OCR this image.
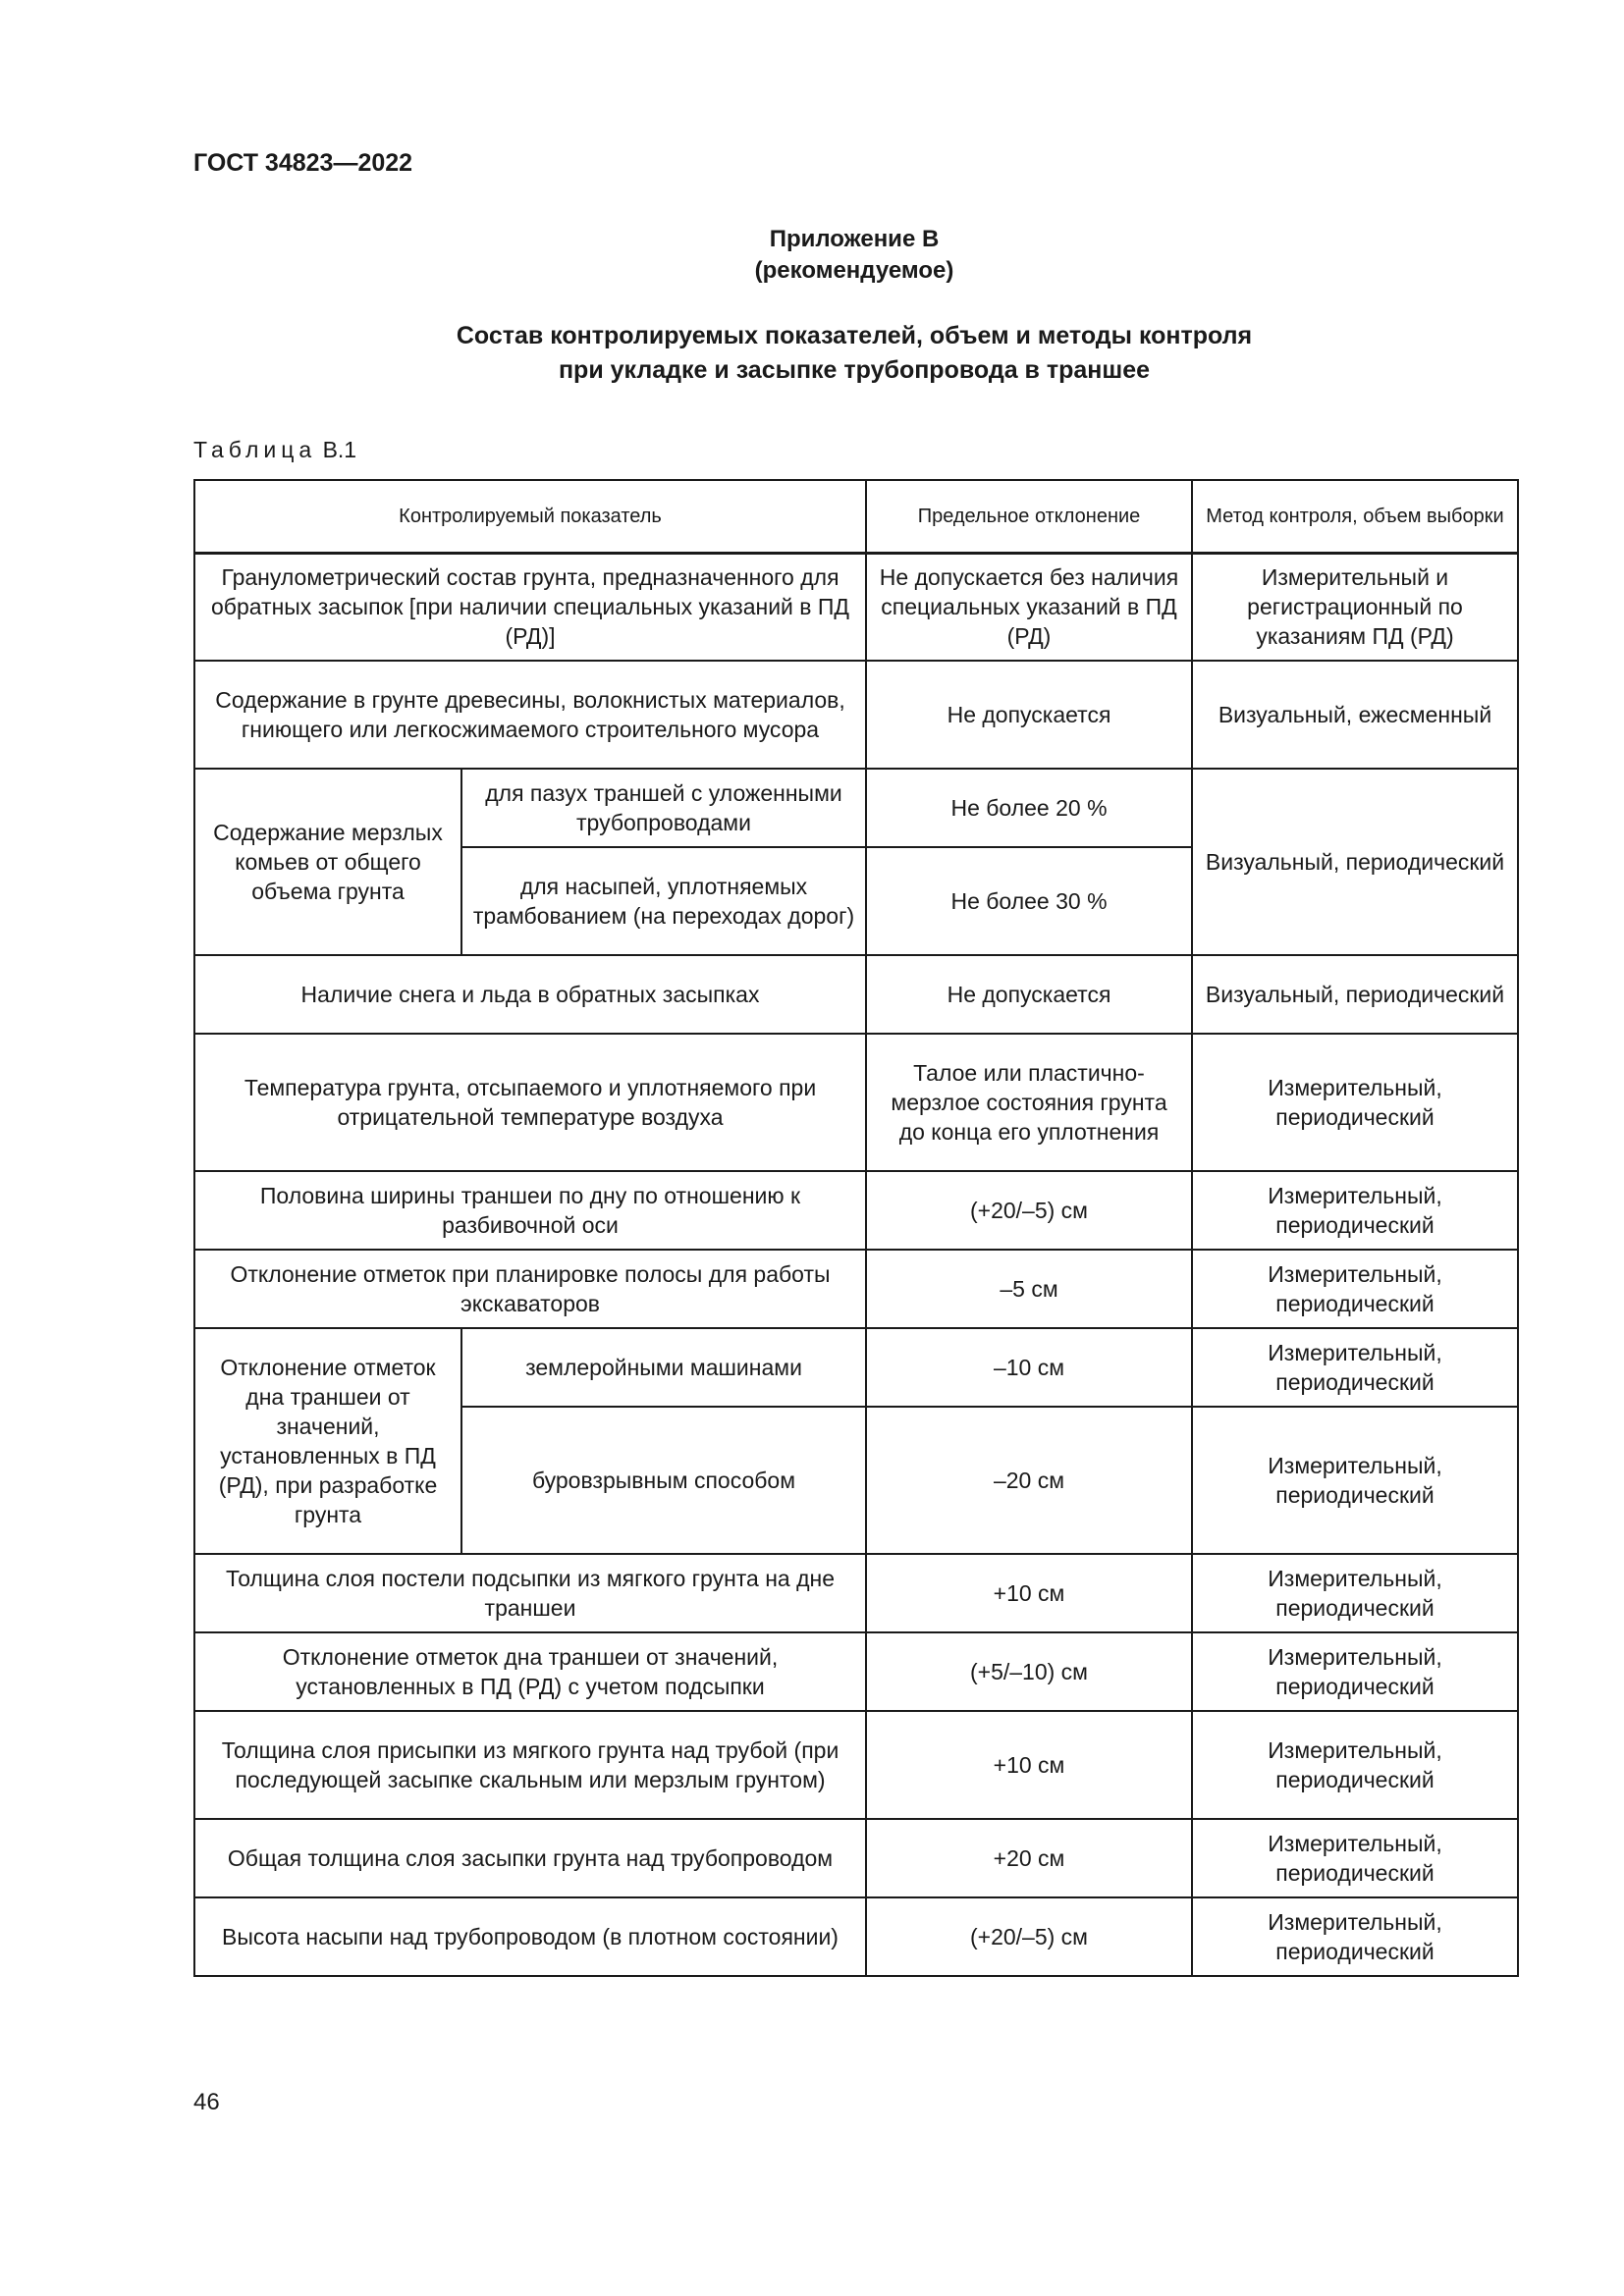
ГОСТ 34823—2022
Приложение В
(рекомендуемое)
Состав контролируемых показателей, объем и методы контроля
при укладке и засыпке трубопровода в траншее
Таблица В.1
Контролируемый показатель		Предельное отклонение	Метод контроля, объем выборки
Гранулометрический состав грунта, предназначенного для обратных засыпок [при наличии специальных указаний в ПД (РД)]		Не допускается без наличия специальных указаний в ПД (РД)	Измерительный и регистрационный по указаниям ПД (РД)
Содержание в грунте древесины, волокнистых материалов, гниющего или легкосжимаемого строительного мусора		Не допускается	Визуальный, ежесменный
Содержание мерзлых комьев от общего объема грунта	для пазух траншей с уложенными трубопроводами	Не более 20 %	Визуальный, периодический
	для насыпей, уплотняемых трамбованием (на переходах дорог)	Не более 30 %	
Наличие снега и льда в обратных засыпках		Не допускается	Визуальный, периодический
Температура грунта, отсыпаемого и уплотняемого при отрицательной температуре воздуха		Талое или пластичномерзлое состояния грунта до конца его уплотнения	Измерительный, периодический
Половина ширины траншеи по дну по отношению к разбивочной оси		(+20/–5) см	Измерительный, периодический
Отклонение отметок при планировке полосы для работы экскаваторов		–5 см	Измерительный, периодический
Отклонение отметок дна траншеи от значений, установленных в ПД (РД), при разработке грунта	землеройными машинами	–10 см	Измерительный, периодический
	буровзрывным способом	–20 см	Измерительный, периодический
Толщина слоя постели подсыпки из мягкого грунта на дне траншеи		+10 см	Измерительный, периодический
Отклонение отметок дна траншеи от значений, установленных в ПД (РД) с учетом подсыпки		(+5/–10) см	Измерительный, периодический
Толщина слоя присыпки из мягкого грунта над трубой (при последующей засыпке скальным или мерзлым грунтом)		+10 см	Измерительный, периодический
Общая толщина слоя засыпки грунта над трубопроводом		+20 см	Измерительный, периодический
Высота насыпи над трубопроводом (в плотном состоянии)		(+20/–5) см	Измерительный, периодический
46
